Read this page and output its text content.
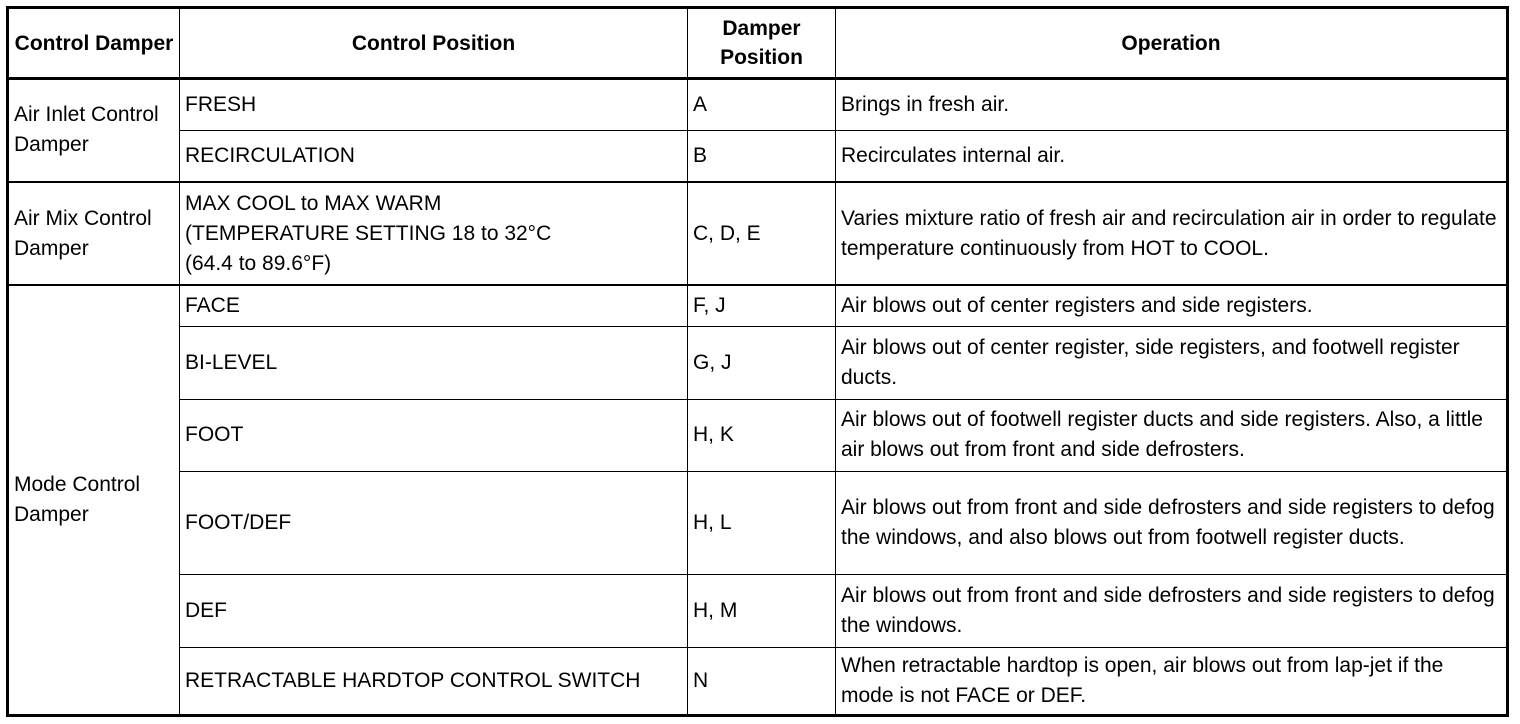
Control Damper	Control Position	Damper Position	Operation
Air Inlet Control Damper	FRESH	A	Brings in fresh air.
	RECIRCULATION	B	Recirculates internal air.
Air Mix Control Damper	MAX COOL to MAX WARM
(TEMPERATURE SETTING 18 to 32°C
(64.4 to 89.6°F)	C, D, E	Varies mixture ratio of fresh air and recirculation air in order to regulate temperature continuously from HOT to COOL.
Mode Control Damper	FACE	F, J	Air blows out of center registers and side registers.
	BI-LEVEL	G, J	Air blows out of center register, side registers, and footwell register ducts.
	FOOT	H, K	Air blows out of footwell register ducts and side registers. Also, a little air blows out from front and side defrosters.
	FOOT/DEF	H, L	Air blows out from front and side defrosters and side registers to defog the windows, and also blows out from footwell register ducts.
	DEF	H, M	Air blows out from front and side defrosters and side registers to defog the windows.
	RETRACTABLE HARDTOP CONTROL SWITCH	N	When retractable hardtop is open, air blows out from lap-jet if the mode is not FACE or DEF.
